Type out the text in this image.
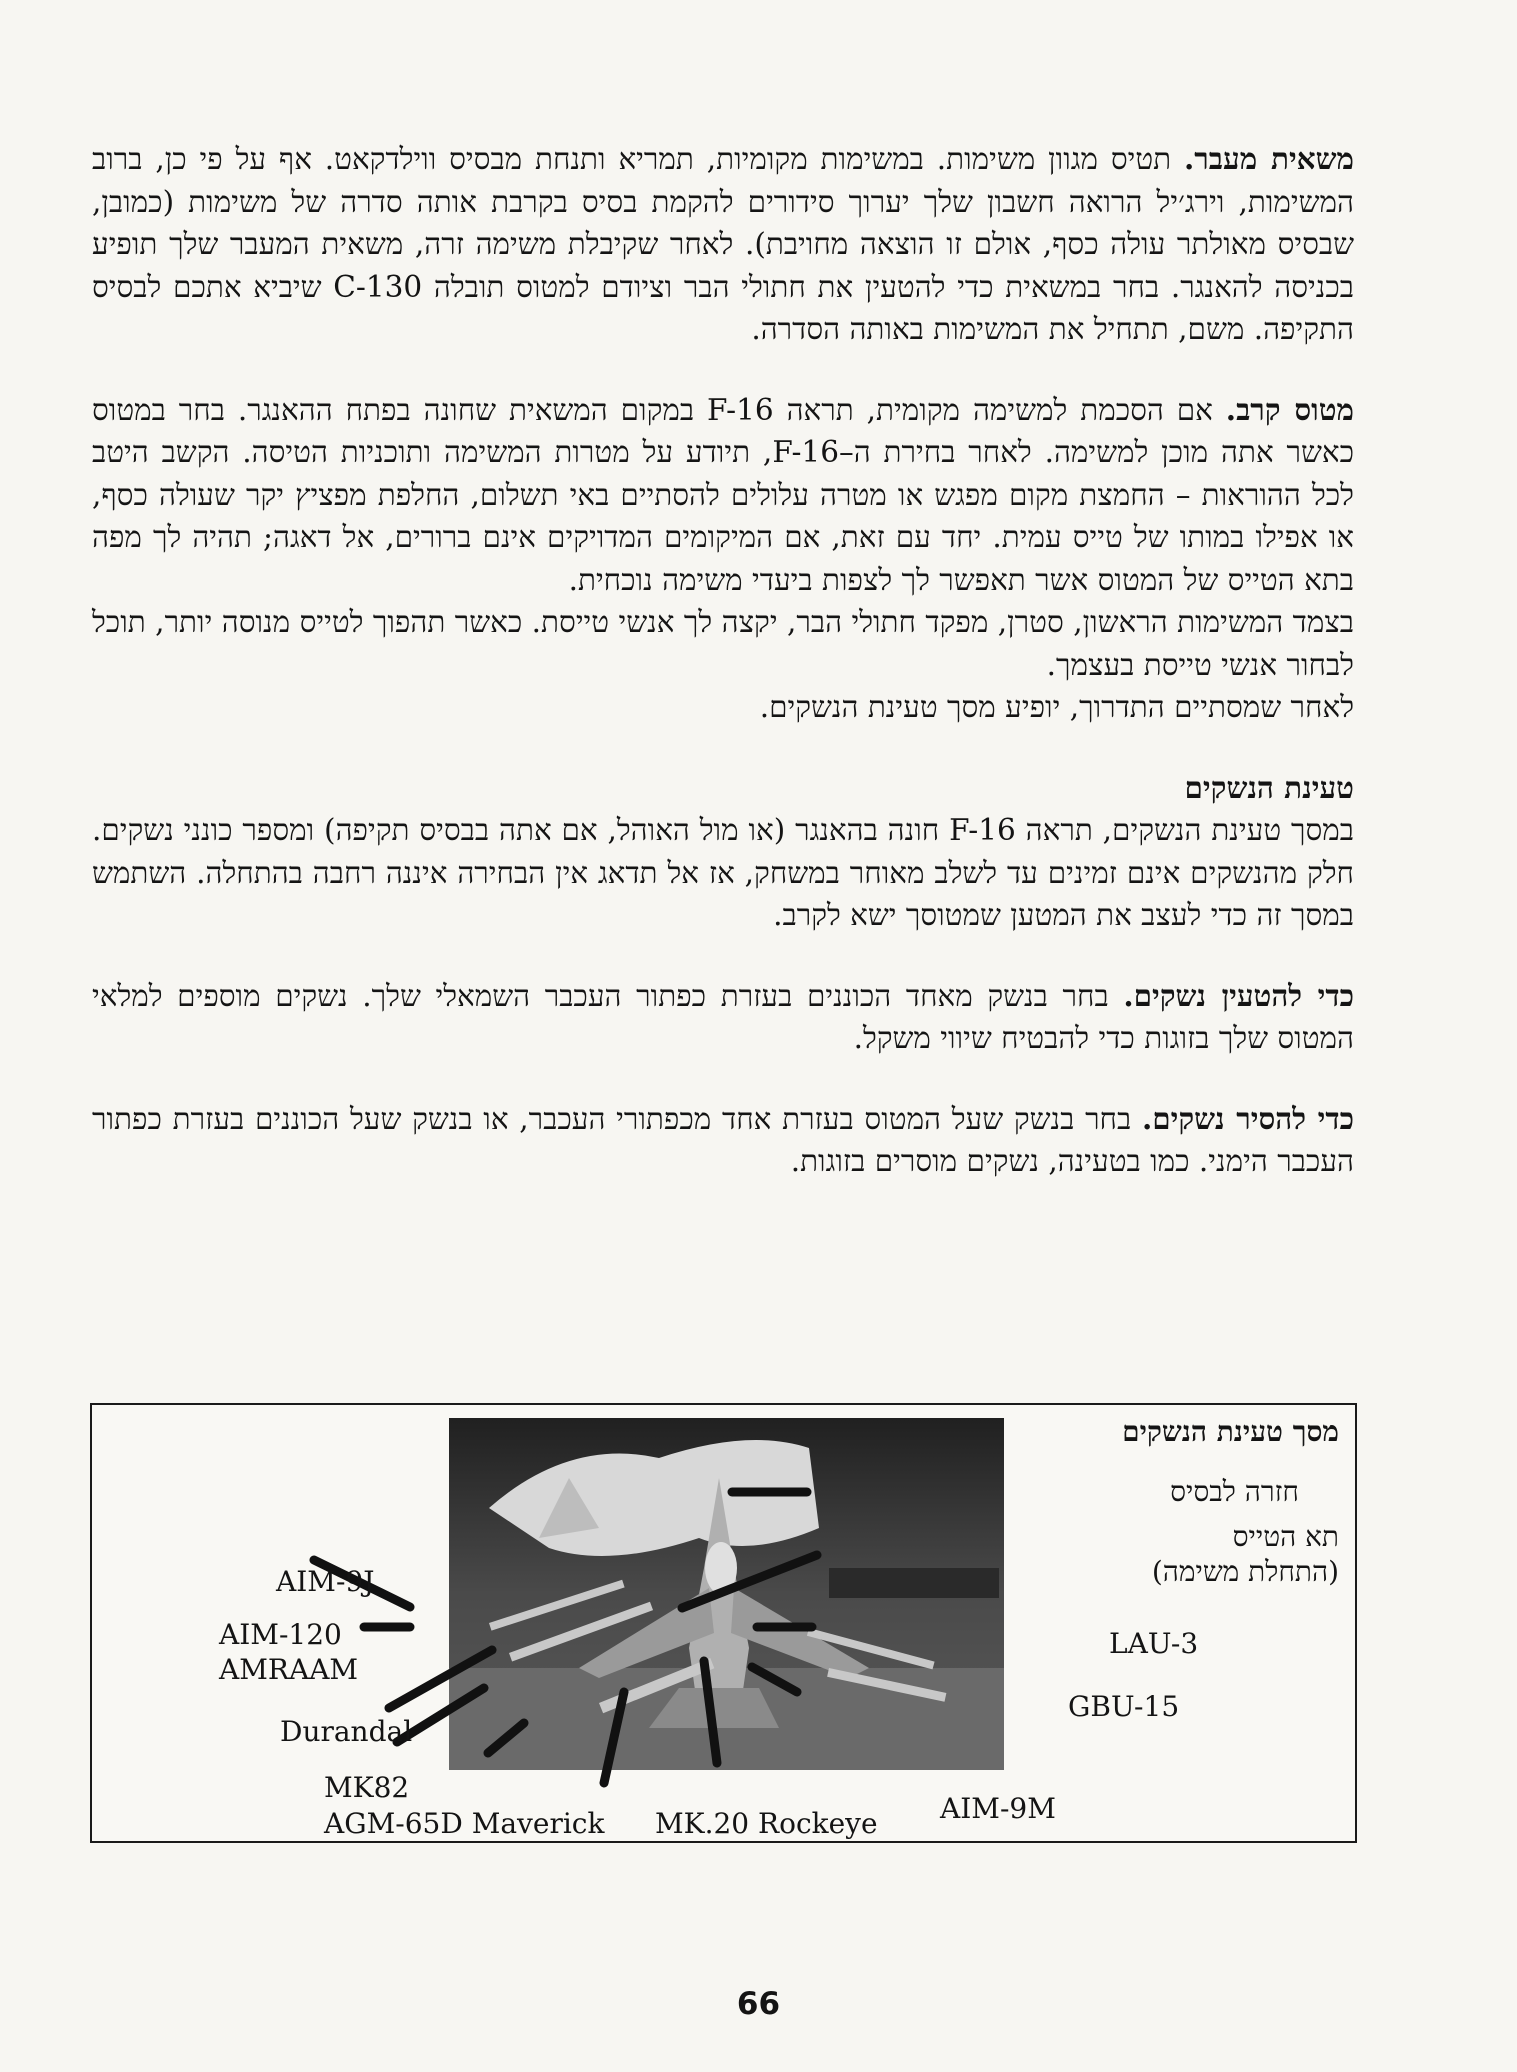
משאית מעבר. תטיס מגוון משימות. במשימות מקומיות, תמריא ותנחת מבסיס ווילדקאט. אף על פי כן, ברוב המשימות, וירג׳יל הרואה חשבון שלך יערוך סידורים להקמת בסיס בקרבת אותה סדרה של משימות (כמובן, שבסיס מאולתר עולה כסף, אולם זו הוצאה מחויבת). לאחר שקיבלת משימה זרה, משאית המעבר שלך תופיע בכניסה להאנגר. בחר במשאית כדי להטעין את חתולי הבר וציודם למטוס תובלה C-130 שיביא אתכם לבסיס התקיפה. משם, תתחיל את המשימות באותה הסדרה.

מטוס קרב. אם הסכמת למשימה מקומית, תראה F-16 במקום המשאית שחונה בפתח ההאנגר. בחר במטוס כאשר אתה מוכן למשימה. לאחר בחירת ה–F-16, תיודע על מטרות המשימה ותוכניות הטיסה. הקשב היטב לכל ההוראות – החמצת מקום מפגש או מטרה עלולים להסתיים באי תשלום, החלפת מפציץ יקר שעולה כסף, או אפילו במותו של טייס עמית. יחד עם זאת, אם המיקומים המדויקים אינם ברורים, אל דאגה; תהיה לך מפה בתא הטייס של המטוס אשר תאפשר לך לצפות ביעדי משימה נוכחית.

בצמד המשימות הראשון, סטרן, מפקד חתולי הבר, יקצה לך אנשי טייסת. כאשר תהפוך לטייס מנוסה יותר, תוכל לבחור אנשי טייסת בעצמך.

לאחר שמסתיים התדרוך, יופיע מסך טעינת הנשקים.

טעינת הנשקים

במסך טעינת הנשקים, תראה F-16 חונה בהאנגר (או מול האוהל, אם אתה בבסיס תקיפה) ומספר כונני נשקים. חלק מהנשקים אינם זמינים עד לשלב מאוחר במשחק, אז אל תדאג אין הבחירה איננה רחבה בהתחלה. השתמש במסך זה כדי לעצב את המטען שמטוסך ישא לקרב.

כדי להטעין נשקים. בחר בנשק מאחד הכוננים בעזרת כפתור העכבר השמאלי שלך. נשקים מוספים למלאי המטוס שלך בזוגות כדי להבטיח שיווי משקל.

כדי להסיר נשקים. בחר בנשק שעל המטוס בעזרת אחד מכפתורי העכבר, או בנשק שעל הכוננים בעזרת כפתור העכבר הימני. כמו בטעינה, נשקים מוסרים בזוגות.

מסך טעינת הנשקים
חזרה לבסיס
תא הטייס
(התחלת משימה)
LAU-3
GBU-15
AIM-9M
MK.20 Rockeye
AGM-65D Maverick
MK82
Durandal
AIM-120
AMRAAM
AIM-9J
66
